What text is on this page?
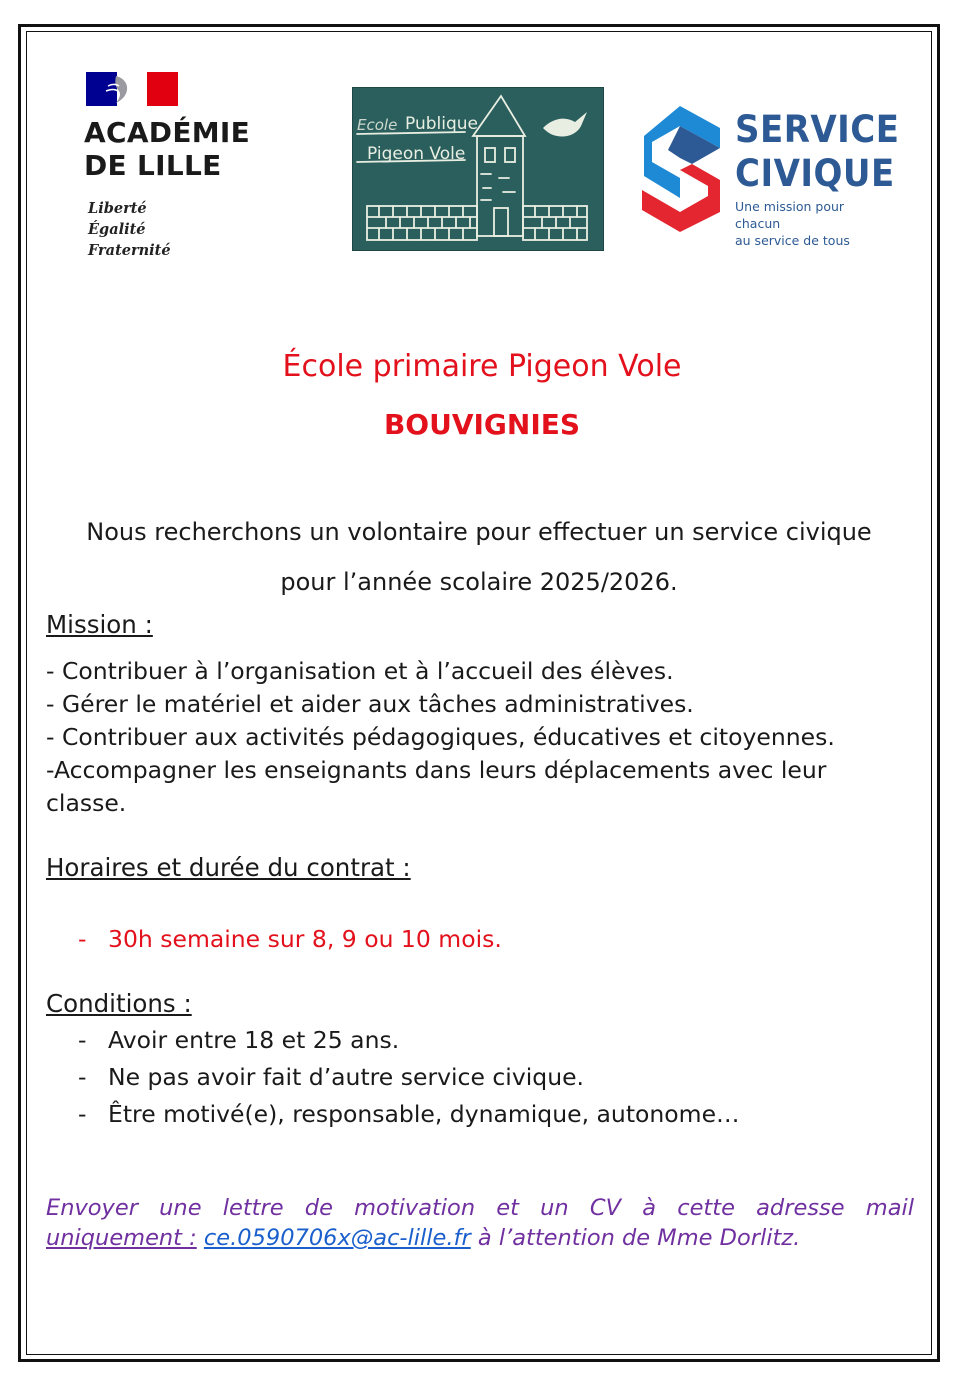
ACADÉMIE
DE LILLE
Liberté
Égalité
Fraternité
Ecole Publique
Pigeon Vole
SERVICE
CIVIQUE
Une mission pour chacun
au service de tous
École primaire Pigeon Vole
BOUVIGNIES
Nous recherchons un volontaire pour effectuer un service civique
pour l’année scolaire 2025/2026.
Mission :
- Contribuer à l’organisation et à l’accueil des élèves.
- Gérer le matériel et aider aux tâches administratives.
- Contribuer aux activités pédagogiques, éducatives et citoyennes.
-Accompagner les enseignants dans leurs déplacements avec leur
classe.
Horaires et durée du contrat :
- 30h semaine sur 8, 9 ou 10 mois.
Conditions :
- Avoir entre 18 et 25 ans.
- Ne pas avoir fait d’autre service civique.
- Être motivé(e), responsable, dynamique, autonome…
Envoyer une lettre de motivation et un CV à cette adresse mail
uniquement : ce.0590706x@ac-lille.fr à l’attention de Mme Dorlitz.
